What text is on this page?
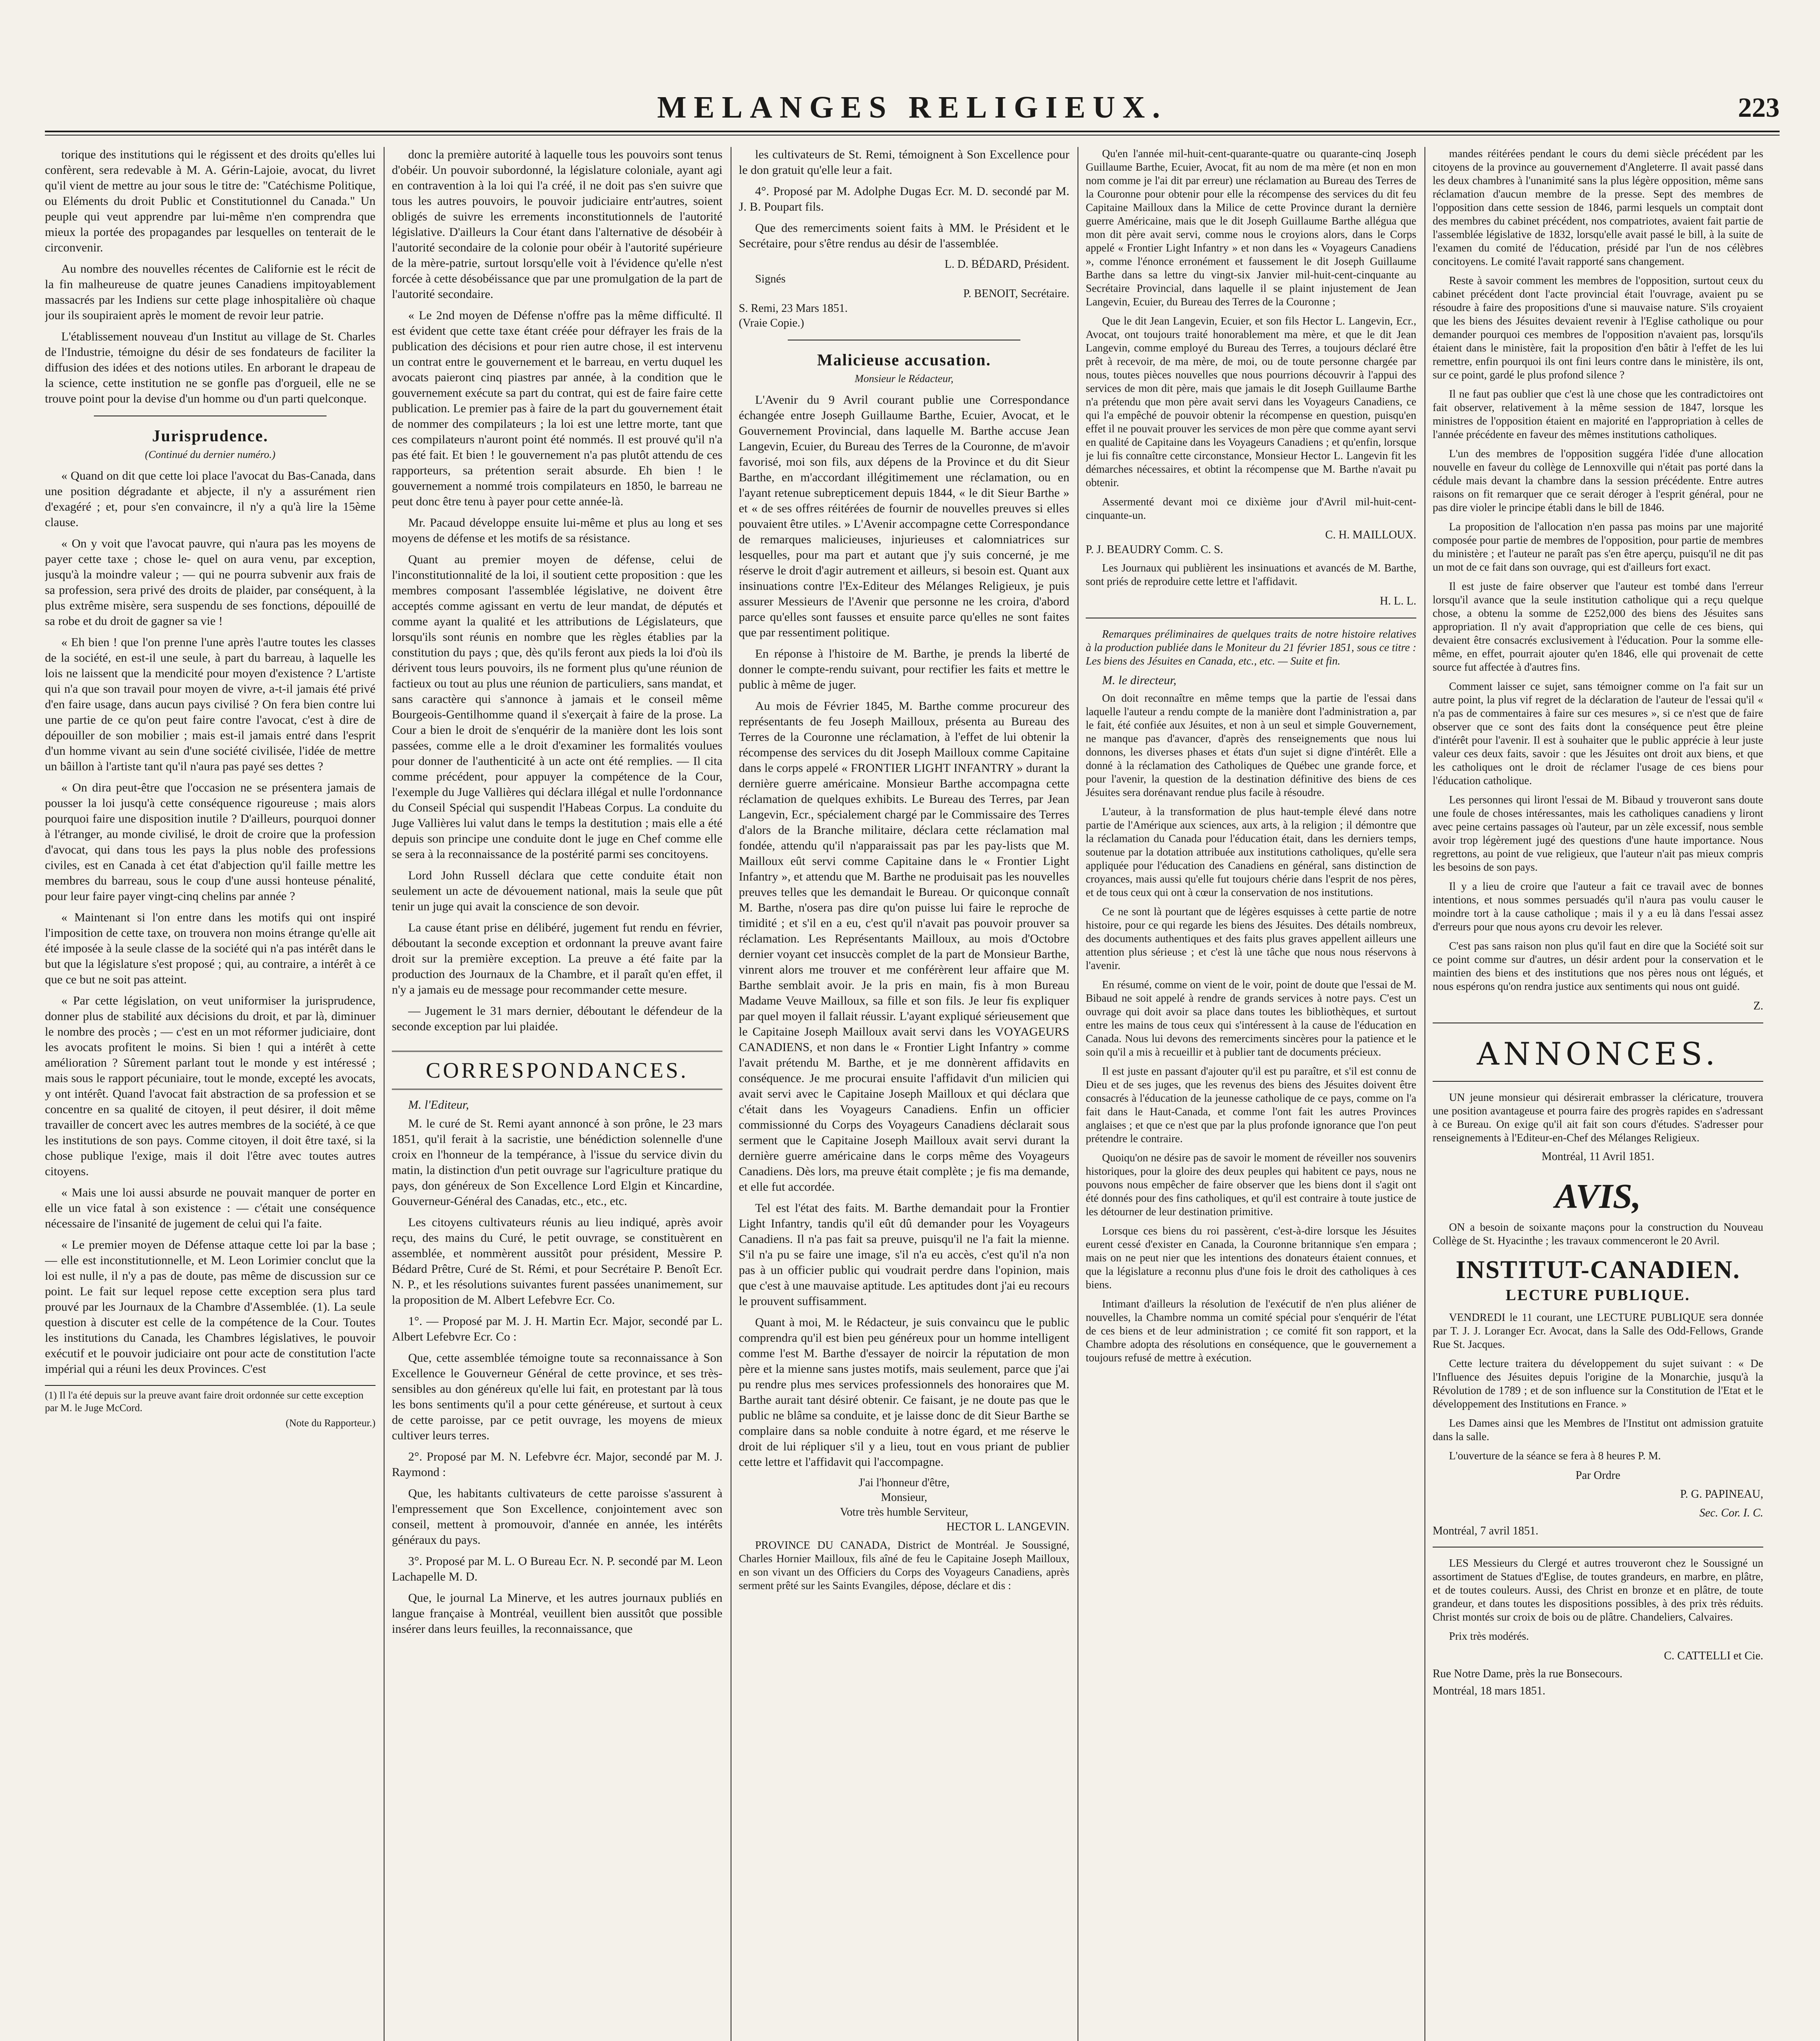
MELANGES RELIGIEUX.	223

torique des institutions qui le régissent et des droits qu'elles lui confèrent, sera redevable à M. A. Gérin-Lajoie, avocat, du livret qu'il vient de mettre au jour sous le titre de: "Catéchisme Politique, ou Eléments du droit Public et Constitutionnel du Canada." Un peuple qui veut apprendre par lui-même n'en comprendra que mieux la portée des propagandes par lesquelles on tenterait de le circonvenir.

Au nombre des nouvelles récentes de Californie est le récit de la fin malheureuse de quatre jeunes Canadiens impitoyablement massacrés par les Indiens sur cette plage inhospitalière où chaque jour ils soupiraient après le moment de revoir leur patrie.

L'établissement nouveau d'un Institut au village de St. Charles de l'Industrie, témoigne du désir de ses fondateurs de faciliter la diffusion des idées et des notions utiles. En arborant le drapeau de la science, cette institution ne se gonfle pas d'orgueil, elle ne se trouve point pour la devise d'un homme ou d'un parti quelconque.

Jurisprudence.
(Continué du dernier numéro.)

« Quand on dit que cette loi place l'avocat du Bas-Canada, dans une position dégradante et abjecte, il n'y a assurément rien d'exagéré ; et, pour s'en convaincre, il n'y a qu'à lire la 15ème clause.

« On y voit que l'avocat pauvre, qui n'aura pas les moyens de payer cette taxe ; chose le- quel on aura venu, par exception, jusqu'à la moindre valeur ; — qui ne pourra subvenir aux frais de sa profession, sera privé des droits de plaider, par conséquent, à la plus extrême misère, sera suspendu de ses fonctions, dépouillé de sa robe et du droit de gagner sa vie !

« Eh bien ! que l'on prenne l'une après l'autre toutes les classes de la société, en est-il une seule, à part du barreau, à laquelle les lois ne laissent que la mendicité pour moyen d'existence ? L'artiste qui n'a que son travail pour moyen de vivre, a-t-il jamais été privé d'en faire usage, dans aucun pays civilisé ? On fera bien contre lui une partie de ce qu'on peut faire contre l'avocat, c'est à dire de dépouiller de son mobilier ; mais est-il jamais entré dans l'esprit d'un homme vivant au sein d'une société civilisée, l'idée de mettre un bâillon à l'artiste tant qu'il n'aura pas payé ses dettes ?

« On dira peut-être que l'occasion ne se présentera jamais de pousser la loi jusqu'à cette conséquence rigoureuse ; mais alors pourquoi faire une disposition inutile ? D'ailleurs, pourquoi donner à l'étranger, au monde civilisé, le droit de croire que la profession d'avocat, qui dans tous les pays la plus noble des professions civiles, est en Canada à cet état d'abjection qu'il faille mettre les membres du barreau, sous le coup d'une aussi honteuse pénalité, pour leur faire payer vingt-cinq chelins par année ?

« Maintenant si l'on entre dans les motifs qui ont inspiré l'imposition de cette taxe, on trouvera non moins étrange qu'elle ait été imposée à la seule classe de la société qui n'a pas intérêt dans le but que la législature s'est proposé ; qui, au contraire, a intérêt à ce que ce but ne soit pas atteint.

« Par cette législation, on veut uniformiser la jurisprudence, donner plus de stabilité aux décisions du droit, et par là, diminuer le nombre des procès ; — c'est en un mot réformer judiciaire, dont les avocats profitent le moins. Si bien ! qui a intérêt à cette amélioration ? Sûrement parlant tout le monde y est intéressé ; mais sous le rapport pécuniaire, tout le monde, excepté les avocats, y ont intérêt. Quand l'avocat fait abstraction de sa profession et se concentre en sa qualité de citoyen, il peut désirer, il doit même travailler de concert avec les autres membres de la société, à ce que les institutions de son pays. Comme citoyen, il doit être taxé, si la chose publique l'exige, mais il doit l'être avec toutes autres citoyens.

« Mais une loi aussi absurde ne pouvait manquer de porter en elle un vice fatal à son existence : — c'était une conséquence nécessaire de l'insanité de jugement de celui qui l'a faite.

« Le premier moyen de Défense attaque cette loi par la base ; — elle est inconstitutionnelle, et M. Leon Lorimier conclut que la loi est nulle, il n'y a pas de doute, pas même de discussion sur ce point. Le fait sur lequel repose cette exception sera plus tard prouvé par les Journaux de la Chambre d'Assemblée. (1). La seule question à discuter est celle de la compétence de la Cour. Toutes les institutions du Canada, les Chambres législatives, le pouvoir exécutif et le pouvoir judiciaire ont pour acte de constitution l'acte impérial qui a réuni les deux Provinces. C'est

(1) Il l'a été depuis sur la preuve avant faire droit ordonnée sur cette exception par M. le Juge McCord.
(Note du Rapporteur.)

donc la première autorité à laquelle tous les pouvoirs sont tenus d'obéir. Un pouvoir subordonné, la législature coloniale, ayant agi en contravention à la loi qui l'a créé, il ne doit pas s'en suivre que tous les autres pouvoirs, le pouvoir judiciaire entr'autres, soient obligés de suivre les errements inconstitutionnels de l'autorité législative. D'ailleurs la Cour étant dans l'alternative de désobéir à l'autorité secondaire de la colonie pour obéir à l'autorité supérieure de la mère-patrie, surtout lorsqu'elle voit à l'évidence qu'elle n'est forcée à cette désobéissance que par une promulgation de la part de l'autorité secondaire.

« Le 2nd moyen de Défense n'offre pas la même difficulté. Il est évident que cette taxe étant créée pour défrayer les frais de la publication des décisions et pour rien autre chose, il est intervenu un contrat entre le gouvernement et le barreau, en vertu duquel les avocats paieront cinq piastres par année, à la condition que le gouvernement exécute sa part du contrat, qui est de faire faire cette publication. Le premier pas à faire de la part du gouvernement était de nommer des compilateurs ; la loi est une lettre morte, tant que ces compilateurs n'auront point été nommés. Il est prouvé qu'il n'a pas été fait. Et bien ! le gouvernement n'a pas plutôt attendu de ces rapporteurs, sa prétention serait absurde. Eh bien ! le gouvernement a nommé trois compilateurs en 1850, le barreau ne peut donc être tenu à payer pour cette année-là.

Mr. Pacaud développe ensuite lui-même et plus au long et ses moyens de défense et les motifs de sa résistance.

Quant au premier moyen de défense, celui de l'inconstitutionnalité de la loi, il soutient cette proposition : que les membres composant l'assemblée législative, ne doivent être acceptés comme agissant en vertu de leur mandat, de députés et comme ayant la qualité et les attributions de Législateurs, que lorsqu'ils sont réunis en nombre que les règles établies par la constitution du pays ; que, dès qu'ils feront aux pieds la loi d'où ils dérivent tous leurs pouvoirs, ils ne forment plus qu'une réunion de factieux ou tout au plus une réunion de particuliers, sans mandat, et sans caractère qui s'annonce à jamais et le conseil même Bourgeois-Gentilhomme quand il s'exerçait à faire de la prose. La Cour a bien le droit de s'enquérir de la manière dont les lois sont passées, comme elle a le droit d'examiner les formalités voulues pour donner de l'authenticité à un acte ont été remplies. — Il cita comme précédent, pour appuyer la compétence de la Cour, l'exemple du Juge Vallières qui déclara illégal et nulle l'ordonnance du Conseil Spécial qui suspendit l'Habeas Corpus. La conduite du Juge Vallières lui valut dans le temps la destitution ; mais elle a été depuis son principe une conduite dont le juge en Chef comme elle se sera à la reconnaissance de la postérité parmi ses concitoyens.

Lord John Russell déclara que cette conduite était non seulement un acte de dévouement national, mais la seule que pût tenir un juge qui avait la conscience de son devoir.

La cause étant prise en délibéré, jugement fut rendu en février, déboutant la seconde exception et ordonnant la preuve avant faire droit sur la première exception. La preuve a été faite par la production des Journaux de la Chambre, et il paraît qu'en effet, il n'y a jamais eu de message pour recommander cette mesure.

— Jugement le 31 mars dernier, déboutant le défendeur de la seconde exception par lui plaidée.

CORRESPONDANCES.
M. l'Editeur,

M. le curé de St. Remi ayant annoncé à son prône, le 23 mars 1851, qu'il ferait à la sacristie, une bénédiction solennelle d'une croix en l'honneur de la tempérance, à l'issue du service divin du matin, la distinction d'un petit ouvrage sur l'agriculture pratique du pays, don généreux de Son Excellence Lord Elgin et Kincardine, Gouverneur-Général des Canadas, etc., etc., etc.

Les citoyens cultivateurs réunis au lieu indiqué, après avoir reçu, des mains du Curé, le petit ouvrage, se constituèrent en assemblée, et nommèrent aussitôt pour président, Messire P. Bédard Prêtre, Curé de St. Rémi, et pour Secrétaire P. Benoît Ecr. N. P., et les résolutions suivantes furent passées unanimement, sur la proposition de M. Albert Lefebvre Ecr. Co.

1°. — Proposé par M. J. H. Martin Ecr. Major, secondé par L. Albert Lefebvre Ecr. Co :

Que, cette assemblée témoigne toute sa reconnaissance à Son Excellence le Gouverneur Général de cette province, et ses très-sensibles au don généreux qu'elle lui fait, en protestant par là tous les bons sentiments qu'il a pour cette généreuse, et surtout à ceux de cette paroisse, par ce petit ouvrage, les moyens de mieux cultiver leurs terres.

2°. Proposé par M. N. Lefebvre écr. Major, secondé par M. J. Raymond :

Que, les habitants cultivateurs de cette paroisse s'assurent à l'empressement que Son Excellence, conjointement avec son conseil, mettent à promouvoir, d'année en année, les intérêts généraux du pays.

3°. Proposé par M. L. O Bureau Ecr. N. P. secondé par M. Leon Lachapelle M. D.

Que, le journal La Minerve, et les autres journaux publiés en langue française à Montréal, veuillent bien aussitôt que possible insérer dans leurs feuilles, la reconnaissance, que

les cultivateurs de St. Remi, témoignent à Son Excellence pour le don gratuit qu'elle leur a fait.

4°. Proposé par M. Adolphe Dugas Ecr. M. D. secondé par M. J. B. Poupart fils.

Que des remerciments soient faits à MM. le Président et le Secrétaire, pour s'être rendus au désir de l'assemblée.

L. D. BÉDARD, Président.
Signés
P. BENOIT, Secrétaire.
S. Remi, 23 Mars 1851.
(Vraie Copie.)
Malicieuse accusation.
Monsieur le Rédacteur,

L'Avenir du 9 Avril courant publie une Correspondance échangée entre Joseph Guillaume Barthe, Ecuier, Avocat, et le Gouvernement Provincial, dans laquelle M. Barthe accuse Jean Langevin, Ecuier, du Bureau des Terres de la Couronne, de m'avoir favorisé, moi son fils, aux dépens de la Province et du dit Sieur Barthe, en m'accordant illégitimement une réclamation, ou en l'ayant retenue subrepticement depuis 1844, « le dit Sieur Barthe » et « de ses offres réitérées de fournir de nouvelles preuves si elles pouvaient être utiles. » L'Avenir accompagne cette Correspondance de remarques malicieuses, injurieuses et calomniatrices sur lesquelles, pour ma part et autant que j'y suis concerné, je me réserve le droit d'agir autrement et ailleurs, si besoin est. Quant aux insinuations contre l'Ex-Editeur des Mélanges Religieux, je puis assurer Messieurs de l'Avenir que personne ne les croira, d'abord parce qu'elles sont fausses et ensuite parce qu'elles ne sont faites que par ressentiment politique.

En réponse à l'histoire de M. Barthe, je prends la liberté de donner le compte-rendu suivant, pour rectifier les faits et mettre le public à même de juger.

Au mois de Février 1845, M. Barthe comme procureur des représentants de feu Joseph Mailloux, présenta au Bureau des Terres de la Couronne une réclamation, à l'effet de lui obtenir la récompense des services du dit Joseph Mailloux comme Capitaine dans le corps appelé « FRONTIER LIGHT INFANTRY » durant la dernière guerre américaine. Monsieur Barthe accompagna cette réclamation de quelques exhibits. Le Bureau des Terres, par Jean Langevin, Ecr., spécialement chargé par le Commissaire des Terres d'alors de la Branche militaire, déclara cette réclamation mal fondée, attendu qu'il n'apparaissait pas par les pay-lists que M. Mailloux eût servi comme Capitaine dans le « Frontier Light Infantry », et attendu que M. Barthe ne produisait pas les nouvelles preuves telles que les demandait le Bureau. Or quiconque connaît M. Barthe, n'osera pas dire qu'on puisse lui faire le reproche de timidité ; et s'il en a eu, c'est qu'il n'avait pas pouvoir prouver sa réclamation. Les Représentants Mailloux, au mois d'Octobre dernier voyant cet insuccès complet de la part de Monsieur Barthe, vinrent alors me trouver et me conférèrent leur affaire que M. Barthe semblait avoir. Je la pris en main, fis à mon Bureau Madame Veuve Mailloux, sa fille et son fils. Je leur fis expliquer par quel moyen il fallait réussir. L'ayant expliqué sérieusement que le Capitaine Joseph Mailloux avait servi dans les VOYAGEURS CANADIENS, et non dans le « Frontier Light Infantry » comme l'avait prétendu M. Barthe, et je me donnèrent affidavits en conséquence. Je me procurai ensuite l'affidavit d'un milicien qui avait servi avec le Capitaine Joseph Mailloux et qui déclara que c'était dans les Voyageurs Canadiens. Enfin un officier commissionné du Corps des Voyageurs Canadiens déclarait sous serment que le Capitaine Joseph Mailloux avait servi durant la dernière guerre américaine dans le corps même des Voyageurs Canadiens. Dès lors, ma preuve était complète ; je fis ma demande, et elle fut accordée.

Tel est l'état des faits. M. Barthe demandait pour la Frontier Light Infantry, tandis qu'il eût dû demander pour les Voyageurs Canadiens. Il n'a pas fait sa preuve, puisqu'il ne l'a fait la mienne. S'il n'a pu se faire une image, s'il n'a eu accès, c'est qu'il n'a non pas à un officier public qui voudrait perdre dans l'opinion, mais que c'est à une mauvaise aptitude. Les aptitudes dont j'ai eu recours le prouvent suffisamment.

Quant à moi, M. le Rédacteur, je suis convaincu que le public comprendra qu'il est bien peu généreux pour un homme intelligent comme l'est M. Barthe d'essayer de noircir la réputation de mon père et la mienne sans justes motifs, mais seulement, parce que j'ai pu rendre plus mes services professionnels des honoraires que M. Barthe aurait tant désiré obtenir. Ce faisant, je ne doute pas que le public ne blâme sa conduite, et je laisse donc de dit Sieur Barthe se complaire dans sa noble conduite à notre égard, et me réserve le droit de lui répliquer s'il y a lieu, tout en vous priant de publier cette lettre et l'affidavit qui l'accompagne.

J'ai l'honneur d'être,
Monsieur,
Votre très humble Serviteur,
HECTOR L. LANGEVIN.

PROVINCE DU CANADA, District de Montréal. Je Soussigné, Charles Hornier Mailloux, fils aîné de feu le Capitaine Joseph Mailloux, en son vivant un des Officiers du Corps des Voyageurs Canadiens, après serment prêté sur les Saints Evangiles, dépose, déclare et dis :

Qu'en l'année mil-huit-cent-quarante-quatre ou quarante-cinq Joseph Guillaume Barthe, Ecuier, Avocat, fit au nom de ma mère (et non en mon nom comme je l'ai dit par erreur) une réclamation au Bureau des Terres de la Couronne pour obtenir pour elle la récompense des services du dit feu Capitaine Mailloux dans la Milice de cette Province durant la dernière guerre Américaine, mais que le dit Joseph Guillaume Barthe allégua que mon dit père avait servi, comme nous le croyions alors, dans le Corps appelé « Frontier Light Infantry » et non dans les « Voyageurs Canadiens », comme l'énonce erronément et faussement le dit Joseph Guillaume Barthe dans sa lettre du vingt-six Janvier mil-huit-cent-cinquante au Secrétaire Provincial, dans laquelle il se plaint injustement de Jean Langevin, Ecuier, du Bureau des Terres de la Couronne ;

Que le dit Jean Langevin, Ecuier, et son fils Hector L. Langevin, Ecr., Avocat, ont toujours traité honorablement ma mère, et que le dit Jean Langevin, comme employé du Bureau des Terres, a toujours déclaré être prêt à recevoir, de ma mère, de moi, ou de toute personne chargée par nous, toutes pièces nouvelles que nous pourrions découvrir à l'appui des services de mon dit père, mais que jamais le dit Joseph Guillaume Barthe n'a prétendu que mon père avait servi dans les Voyageurs Canadiens, ce qui l'a empêché de pouvoir obtenir la récompense en question, puisqu'en effet il ne pouvait prouver les services de mon père que comme ayant servi en qualité de Capitaine dans les Voyageurs Canadiens ; et qu'enfin, lorsque je lui fis connaître cette circonstance, Monsieur Hector L. Langevin fit les démarches nécessaires, et obtint la récompense que M. Barthe n'avait pu obtenir.

Assermenté devant moi ce dixième jour d'Avril mil-huit-cent-cinquante-un.

C. H. MAILLOUX.
P. J. BEAUDRY Comm. C. S.

Les Journaux qui publièrent les insinuations et avancés de M. Barthe, sont priés de reproduire cette lettre et l'affidavit.

H. L. L.

Remarques préliminaires de quelques traits de notre histoire relatives à la production publiée dans le Moniteur du 21 février 1851, sous ce titre : Les biens des Jésuites en Canada, etc., etc. — Suite et fin.

M. le directeur,

On doit reconnaître en même temps que la partie de l'essai dans laquelle l'auteur a rendu compte de la manière dont l'administration a, par le fait, été confiée aux Jésuites, et non à un seul et simple Gouvernement, ne manque pas d'avancer, d'après des renseignements que nous lui donnons, les diverses phases et états d'un sujet si digne d'intérêt. Elle a donné à la réclamation des Catholiques de Québec une grande force, et pour l'avenir, la question de la destination définitive des biens de ces Jésuites sera dorénavant rendue plus facile à résoudre.

L'auteur, à la transformation de plus haut-temple élevé dans notre partie de l'Amérique aux sciences, aux arts, à la religion ; il démontre que la réclamation du Canada pour l'éducation était, dans les derniers temps, soutenue par la dotation attribuée aux institutions catholiques, qu'elle sera appliquée pour l'éducation des Canadiens en général, sans distinction de croyances, mais aussi qu'elle fut toujours chérie dans l'esprit de nos pères, et de tous ceux qui ont à cœur la conservation de nos institutions.

Ce ne sont là pourtant que de légères esquisses à cette partie de notre histoire, pour ce qui regarde les biens des Jésuites. Des détails nombreux, des documents authentiques et des faits plus graves appellent ailleurs une attention plus sérieuse ; et c'est là une tâche que nous nous réservons à l'avenir.

En résumé, comme on vient de le voir, point de doute que l'essai de M. Bibaud ne soit appelé à rendre de grands services à notre pays. C'est un ouvrage qui doit avoir sa place dans toutes les bibliothèques, et surtout entre les mains de tous ceux qui s'intéressent à la cause de l'éducation en Canada. Nous lui devons des remerciments sincères pour la patience et le soin qu'il a mis à recueillir et à publier tant de documents précieux.

Il est juste en passant d'ajouter qu'il est pu paraître, et s'il est connu de Dieu et de ses juges, que les revenus des biens des Jésuites doivent être consacrés à l'éducation de la jeunesse catholique de ce pays, comme on l'a fait dans le Haut-Canada, et comme l'ont fait les autres Provinces anglaises ; et que ce n'est que par la plus profonde ignorance que l'on peut prétendre le contraire.

Quoiqu'on ne désire pas de savoir le moment de réveiller nos souvenirs historiques, pour la gloire des deux peuples qui habitent ce pays, nous ne pouvons nous empêcher de faire observer que les biens dont il s'agit ont été donnés pour des fins catholiques, et qu'il est contraire à toute justice de les détourner de leur destination primitive.

Lorsque ces biens du roi passèrent, c'est-à-dire lorsque les Jésuites eurent cessé d'exister en Canada, la Couronne britannique s'en empara ; mais on ne peut nier que les intentions des donateurs étaient connues, et que la législature a reconnu plus d'une fois le droit des catholiques à ces biens.

Intimant d'ailleurs la résolution de l'exécutif de n'en plus aliéner de nouvelles, la Chambre nomma un comité spécial pour s'enquérir de l'état de ces biens et de leur administration ; ce comité fit son rapport, et la Chambre adopta des résolutions en conséquence, que le gouvernement a toujours refusé de mettre à exécution.

mandes réitérées pendant le cours du demi siècle précédent par les citoyens de la province au gouvernement d'Angleterre. Il avait passé dans les deux chambres à l'unanimité sans la plus légère opposition, même sans réclamation d'aucun membre de la presse. Sept des membres de l'opposition dans cette session de 1846, parmi lesquels un comptait dont des membres du cabinet précédent, nos compatriotes, avaient fait partie de l'assemblée législative de 1832, lorsqu'elle avait passé le bill, à la suite de l'examen du comité de l'éducation, présidé par l'un de nos célèbres concitoyens. Le comité l'avait rapporté sans changement.

Reste à savoir comment les membres de l'opposition, surtout ceux du cabinet précédent dont l'acte provincial était l'ouvrage, avaient pu se résoudre à faire des propositions d'une si mauvaise nature. S'ils croyaient que les biens des Jésuites devaient revenir à l'Eglise catholique ou pour demander pourquoi ces membres de l'opposition n'avaient pas, lorsqu'ils étaient dans le ministère, fait la proposition d'en bâtir à l'effet de les lui remettre, enfin pourquoi ils ont fini leurs contre dans le ministère, ils ont, sur ce point, gardé le plus profond silence ?

Il ne faut pas oublier que c'est là une chose que les contradictoires ont fait observer, relativement à la même session de 1847, lorsque les ministres de l'opposition étaient en majorité en l'appropriation à celles de l'année précédente en faveur des mêmes institutions catholiques.

L'un des membres de l'opposition suggéra l'idée d'une allocation nouvelle en faveur du collège de Lennoxville qui n'était pas porté dans la cédule mais devant la chambre dans la session précédente. Entre autres raisons on fit remarquer que ce serait déroger à l'esprit général, pour ne pas dire violer le principe établi dans le bill de 1846.

La proposition de l'allocation n'en passa pas moins par une majorité composée pour partie de membres de l'opposition, pour partie de membres du ministère ; et l'auteur ne paraît pas s'en être aperçu, puisqu'il ne dit pas un mot de ce fait dans son ouvrage, qui est d'ailleurs fort exact.

Il est juste de faire observer que l'auteur est tombé dans l'erreur lorsqu'il avance que la seule institution catholique qui a reçu quelque chose, a obtenu la somme de £252,000 des biens des Jésuites sans appropriation. Il n'y avait d'appropriation que celle de ces biens, qui devaient être consacrés exclusivement à l'éducation. Pour la somme elle-même, en effet, pourrait ajouter qu'en 1846, elle qui provenait de cette source fut affectée à d'autres fins.

Comment laisser ce sujet, sans témoigner comme on l'a fait sur un autre point, la plus vif regret de la déclaration de l'auteur de l'essai qu'il « n'a pas de commentaires à faire sur ces mesures », si ce n'est que de faire observer que ce sont des faits dont la conséquence peut être pleine d'intérêt pour l'avenir. Il est à souhaiter que le public apprécie à leur juste valeur ces deux faits, savoir : que les Jésuites ont droit aux biens, et que les catholiques ont le droit de réclamer l'usage de ces biens pour l'éducation catholique.

Les personnes qui liront l'essai de M. Bibaud y trouveront sans doute une foule de choses intéressantes, mais les catholiques canadiens y liront avec peine certains passages où l'auteur, par un zèle excessif, nous semble avoir trop légèrement jugé des questions d'une haute importance. Nous regrettons, au point de vue religieux, que l'auteur n'ait pas mieux compris les besoins de son pays.

Il y a lieu de croire que l'auteur a fait ce travail avec de bonnes intentions, et nous sommes persuadés qu'il n'aura pas voulu causer le moindre tort à la cause catholique ; mais il y a eu là dans l'essai assez d'erreurs pour que nous ayons cru devoir les relever.

C'est pas sans raison non plus qu'il faut en dire que la Société soit sur ce point comme sur d'autres, un désir ardent pour la conservation et le maintien des biens et des institutions que nos pères nous ont légués, et nous espérons qu'on rendra justice aux sentiments qui nous ont guidé.

Z.
ANNONCES.

UN jeune monsieur qui désirerait embrasser la cléricature, trouvera une position avantageuse et pourra faire des progrès rapides en s'adressant à ce Bureau. On exige qu'il ait fait son cours d'études. S'adresser pour renseignements à l'Editeur-en-Chef des Mélanges Religieux.

Montréal, 11 Avril 1851.
AVIS,

ON a besoin de soixante maçons pour la construction du Nouveau Collège de St. Hyacinthe ; les travaux commenceront le 20 Avril.

INSTITUT-CANADIEN.
LECTURE PUBLIQUE.

VENDREDI le 11 courant, une LECTURE PUBLIQUE sera donnée par T. J. J. Loranger Ecr. Avocat, dans la Salle des Odd-Fellows, Grande Rue St. Jacques.

Cette lecture traitera du développement du sujet suivant : « De l'Influence des Jésuites depuis l'origine de la Monarchie, jusqu'à la Révolution de 1789 ; et de son influence sur la Constitution de l'Etat et le développement des Institutions en France. »

Les Dames ainsi que les Membres de l'Institut ont admission gratuite dans la salle.

L'ouverture de la séance se fera à 8 heures P. M.

Par Ordre
P. G. PAPINEAU,
Sec. Cor. I. C.
Montréal, 7 avril 1851.

LES Messieurs du Clergé et autres trouveront chez le Soussigné un assortiment de Statues d'Eglise, de toutes grandeurs, en marbre, en plâtre, et de toutes couleurs. Aussi, des Christ en bronze et en plâtre, de toute grandeur, et dans toutes les dispositions possibles, à des prix très réduits. Christ montés sur croix de bois ou de plâtre. Chandeliers, Calvaires.

Prix très modérés.

C. CATTELLI et Cie.
Rue Notre Dame, près la rue Bonsecours.
Montréal, 18 mars 1851.
